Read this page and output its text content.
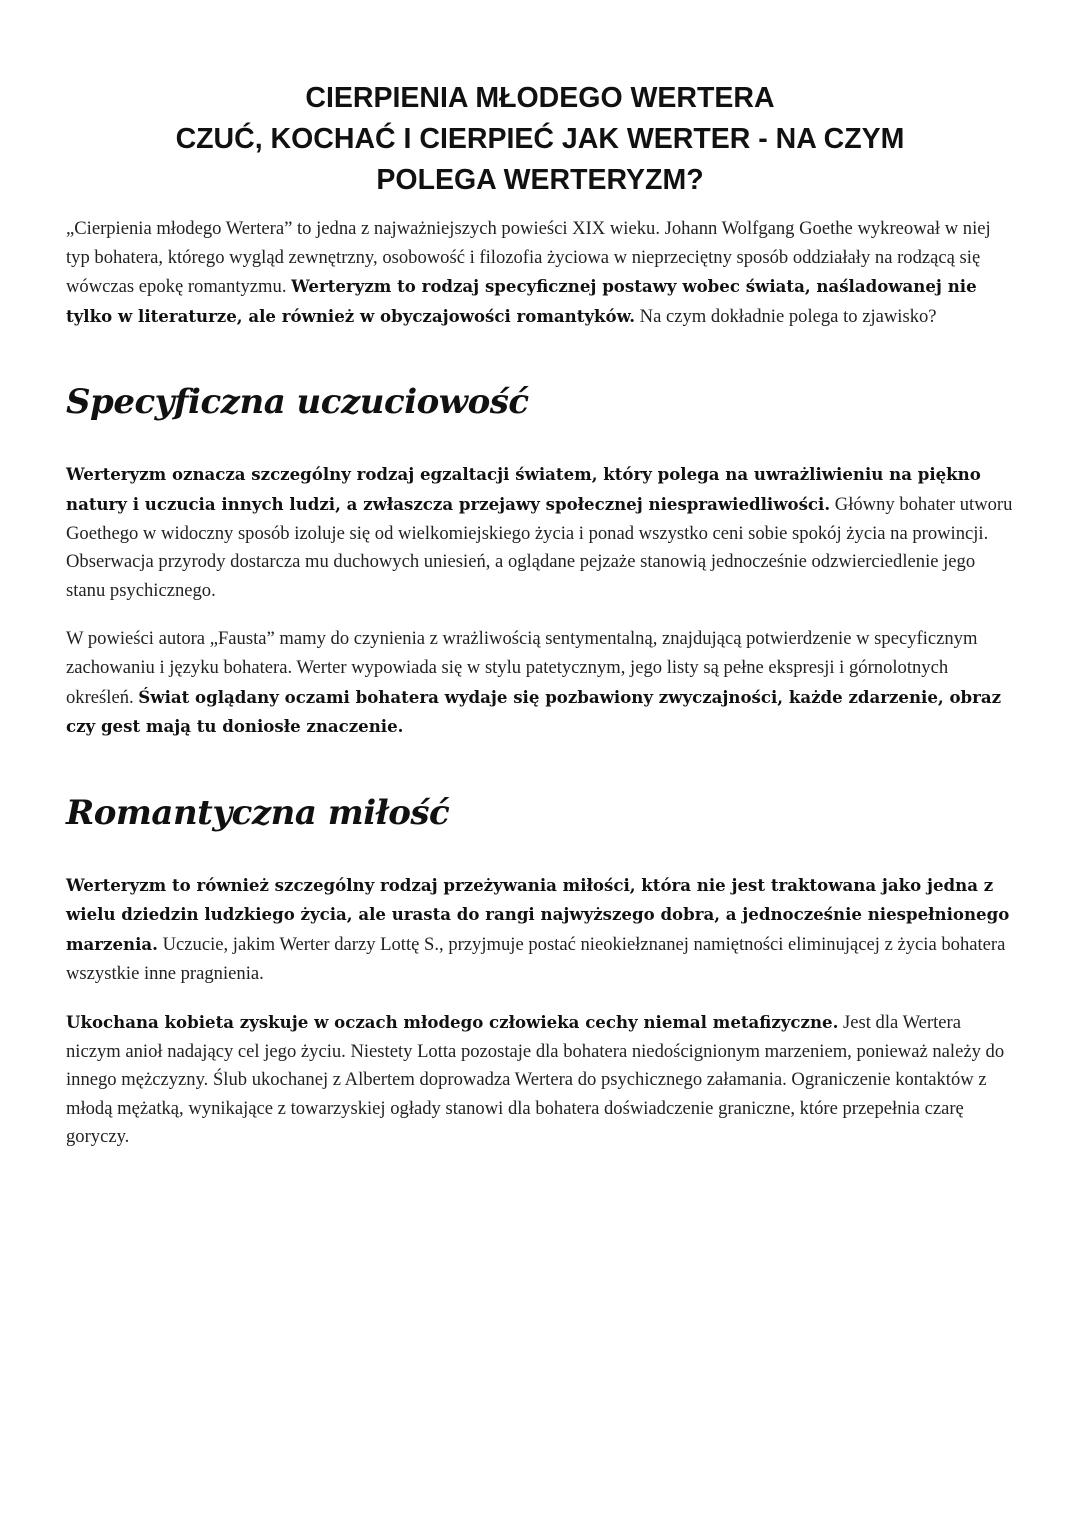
CIERPIENIA MŁODEGO WERTERA
CZUĆ, KOCHAĆ I CIERPIEĆ JAK WERTER - NA CZYM
POLEGA WERTERYZM?

„Cierpienia młodego Wertera” to jedna z najważniejszych powieści XIX wieku. Johann Wolfgang Goethe wykreował w niej typ bohatera, którego wygląd zewnętrzny, osobowość i filozofia życiowa w nieprzeciętny sposób oddziałały na rodzącą się wówczas epokę romantyzmu. Werteryzm to rodzaj specyficznej postawy wobec świata, naśladowanej nie tylko w literaturze, ale również w obyczajowości romantyków. Na czym dokładnie polega to zjawisko?

Specyficzna uczuciowość

Werteryzm oznacza szczególny rodzaj egzaltacji światem, który polega na uwrażliwieniu na piękno natury i uczucia innych ludzi, a zwłaszcza przejawy społecznej niesprawiedliwości. Główny bohater utworu Goethego w widoczny sposób izoluje się od wielkomiejskiego życia i ponad wszystko ceni sobie spokój życia na prowincji. Obserwacja przyrody dostarcza mu duchowych uniesień, a oglądane pejzaże stanowią jednocześnie odzwierciedlenie jego stanu psychicznego.

W powieści autora „Fausta” mamy do czynienia z wrażliwością sentymentalną, znajdującą potwierdzenie w specyficznym zachowaniu i języku bohatera. Werter wypowiada się w stylu patetycznym, jego listy są pełne ekspresji i górnolotnych określeń. Świat oglądany oczami bohatera wydaje się pozbawiony zwyczajności, każde zdarzenie, obraz czy gest mają tu doniosłe znaczenie.

Romantyczna miłość

Werteryzm to również szczególny rodzaj przeżywania miłości, która nie jest traktowana jako jedna z wielu dziedzin ludzkiego życia, ale urasta do rangi najwyższego dobra, a jednocześnie niespełnionego marzenia. Uczucie, jakim Werter darzy Lottę S., przyjmuje postać nieokiełznanej namiętności eliminującej z życia bohatera wszystkie inne pragnienia.

Ukochana kobieta zyskuje w oczach młodego człowieka cechy niemal metafizyczne. Jest dla Wertera niczym anioł nadający cel jego życiu. Niestety Lotta pozostaje dla bohatera niedoścignionym marzeniem, ponieważ należy do innego mężczyzny. Ślub ukochanej z Albertem doprowadza Wertera do psychicznego załamania. Ograniczenie kontaktów z młodą mężatką, wynikające z towarzyskiej ogłady stanowi dla bohatera doświadczenie graniczne, które przepełnia czarę goryczy.
